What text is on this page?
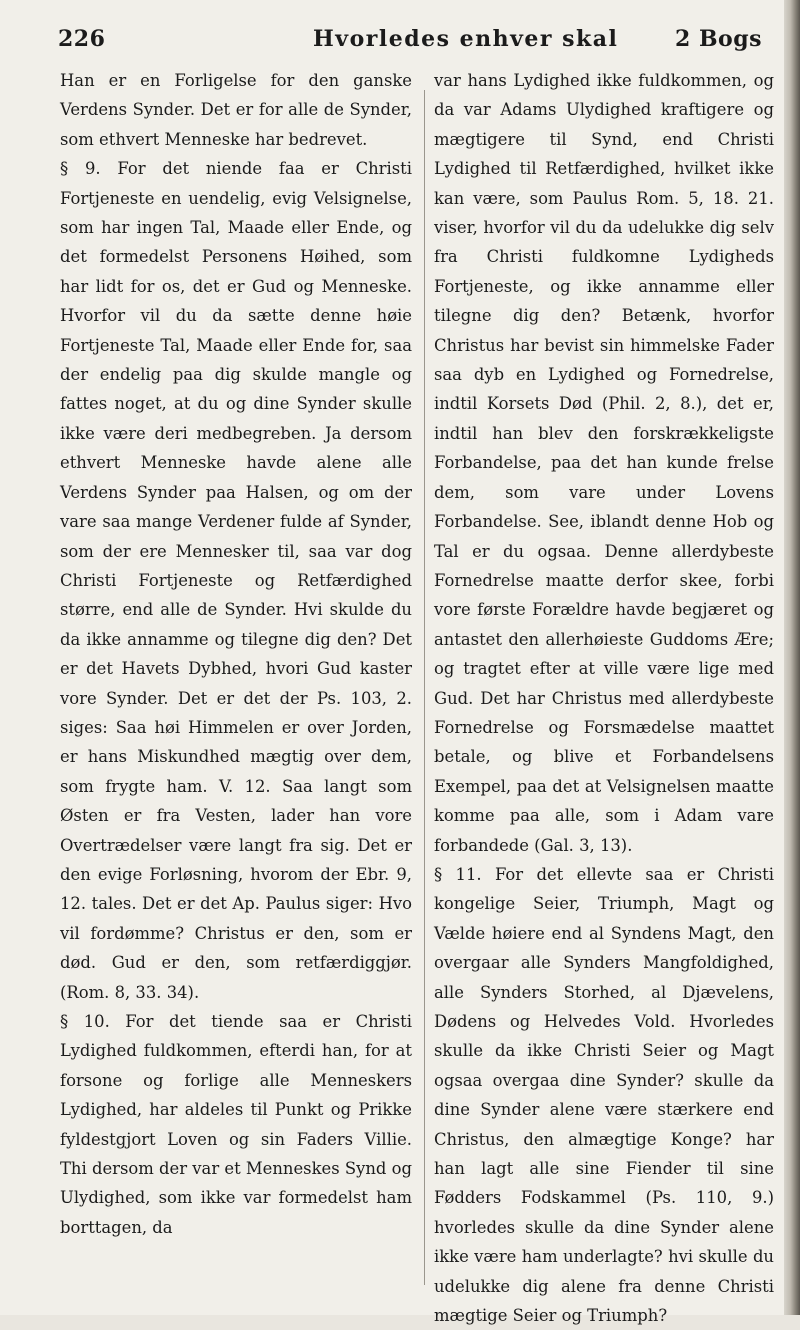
226	Hvorledes enhver skal	2 Bogs

Han er en Forligelse for den ganske Verdens Synder. Det er for alle de Synder, som ethvert Menneske har bedrevet.

§ 9. For det niende faa er Christi Fortjeneste en uendelig, evig Velsignelse, som har ingen Tal, Maade eller Ende, og det formedelst Personens Høihed, som har lidt for os, det er Gud og Menneske. Hvorfor vil du da sætte denne høie Fortjeneste Tal, Maade eller Ende for, saa der endelig paa dig skulde mangle og fattes noget, at du og dine Synder skulle ikke være deri medbegreben. Ja dersom ethvert Menneske havde alene alle Verdens Synder paa Halsen, og om der vare saa mange Verdener fulde af Synder, som der ere Mennesker til, saa var dog Christi Fortjeneste og Retfærdighed større, end alle de Synder. Hvi skulde du da ikke annamme og tilegne dig den? Det er det Havets Dybhed, hvori Gud kaster vore Synder. Det er det der Ps. 103, 2. siges: Saa høi Himmelen er over Jorden, er hans Miskundhed mægtig over dem, som frygte ham. V. 12. Saa langt som Østen er fra Vesten, lader han vore Overtrædelser være langt fra sig. Det er den evige Forløsning, hvorom der Ebr. 9, 12. tales. Det er det Ap. Paulus siger: Hvo vil fordømme? Christus er den, som er død. Gud er den, som retfærdiggjør. (Rom. 8, 33. 34).

§ 10. For det tiende saa er Christi Lydighed fuldkommen, efterdi han, for at forsone og forlige alle Menneskers Lydighed, har aldeles til Punkt og Prikke fyldestgjort Loven og sin Faders Villie. Thi dersom der var et Menneskes Synd og Ulydighed, som ikke var formedelst ham borttagen, da

var hans Lydighed ikke fuldkommen, og da var Adams Ulydighed kraftigere og mægtigere til Synd, end Christi Lydighed til Retfærdighed, hvilket ikke kan være, som Paulus Rom. 5, 18. 21. viser, hvorfor vil du da udelukke dig selv fra Christi fuldkomne Lydigheds Fortjeneste, og ikke annamme eller tilegne dig den? Betænk, hvorfor Christus har bevist sin himmelske Fader saa dyb en Lydighed og Fornedrelse, indtil Korsets Død (Phil. 2, 8.), det er, indtil han blev den forskrækkeligste Forbandelse, paa det han kunde frelse dem, som vare under Lovens Forbandelse. See, iblandt denne Hob og Tal er du ogsaa. Denne allerdybeste Fornedrelse maatte derfor skee, forbi vore første Forældre havde begjæret og antastet den allerhøieste Guddoms Ære; og tragtet efter at ville være lige med Gud. Det har Christus med allerdybeste Fornedrelse og Forsmædelse maattet betale, og blive et Forbandelsens Exempel, paa det at Velsignelsen maatte komme paa alle, som i Adam vare forbandede (Gal. 3, 13).

§ 11. For det ellevte saa er Christi kongelige Seier, Triumph, Magt og Vælde høiere end al Syndens Magt, den overgaar alle Synders Mangfoldighed, alle Synders Storhed, al Djævelens, Dødens og Helvedes Vold. Hvorledes skulle da ikke Christi Seier og Magt ogsaa overgaa dine Synder? skulle da dine Synder alene være stærkere end Christus, den almægtige Konge? har han lagt alle sine Fiender til sine Fødders Fodskammel (Ps. 110, 9.) hvorledes skulle da dine Synder alene ikke være ham underlagte? hvi skulle du udelukke dig alene fra denne Christi mægtige Seier og Triumph?
